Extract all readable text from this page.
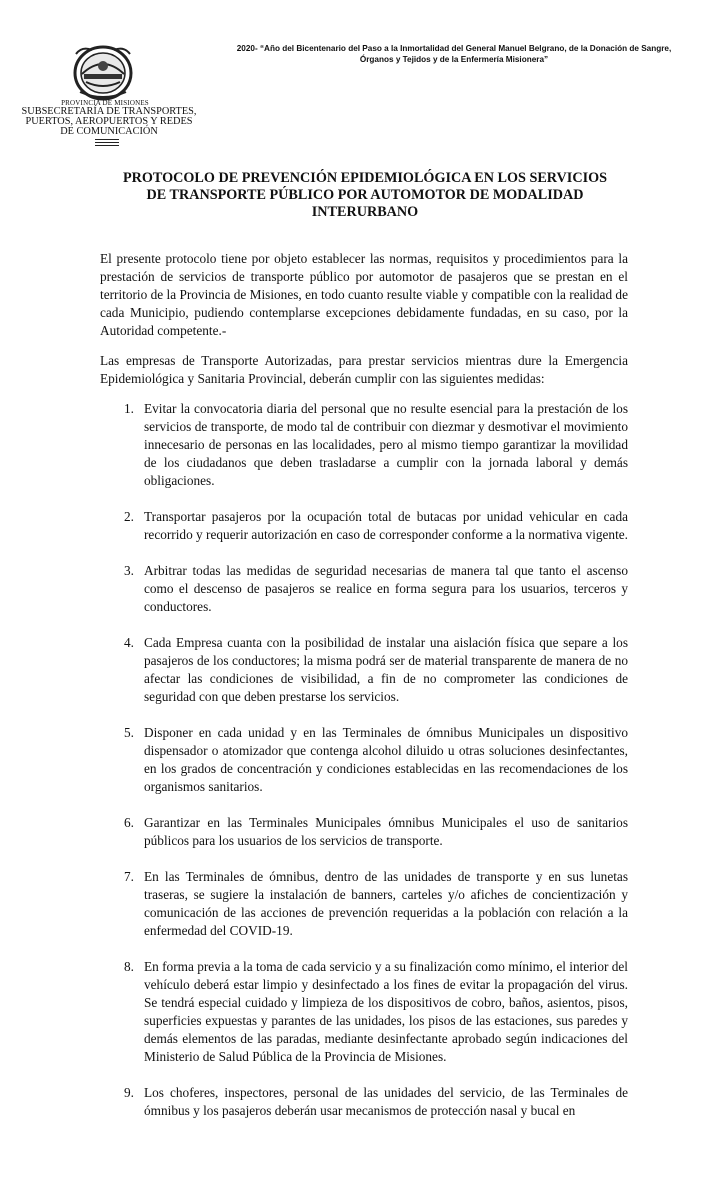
PROVINCIA DE MISIONES
SUBSECRETARÍA DE TRANSPORTES, PUERTOS, AEROPUERTOS Y REDES DE COMUNICACIÓN
2020- “Año del Bicentenario del Paso a la Inmortalidad del General Manuel Belgrano, de la Donación de Sangre, Órganos y Tejidos y de la Enfermería Misionera”
PROTOCOLO DE PREVENCIÓN EPIDEMIOLÓGICA EN LOS SERVICIOS DE TRANSPORTE PÚBLICO POR AUTOMOTOR DE MODALIDAD INTERURBANO

El presente protocolo tiene por objeto establecer las normas, requisitos y procedimientos para la prestación de servicios de transporte público por automotor de pasajeros que se prestan en el territorio de la Provincia de Misiones, en todo cuanto resulte viable y compatible con la realidad de cada Municipio, pudiendo contemplarse excepciones debidamente fundadas, en su caso, por la Autoridad competente.-

Las empresas de Transporte Autorizadas, para prestar servicios mientras dure la Emergencia Epidemiológica y Sanitaria Provincial, deberán cumplir con las siguientes medidas:

1. Evitar la convocatoria diaria del personal que no resulte esencial para la prestación de los servicios de transporte, de modo tal de contribuir con diezmar y desmotivar el movimiento innecesario de personas en las localidades, pero al mismo tiempo garantizar la movilidad de los ciudadanos que deben trasladarse a cumplir con la jornada laboral y demás obligaciones.
2. Transportar pasajeros por la ocupación total de butacas por unidad vehicular en cada recorrido y requerir autorización en caso de corresponder conforme a la normativa vigente.
3. Arbitrar todas las medidas de seguridad necesarias de manera tal que tanto el ascenso como el descenso de pasajeros se realice en forma segura para los usuarios, terceros y conductores.
4. Cada Empresa cuanta con la posibilidad de instalar una aislación física que separe a los pasajeros de los conductores; la misma podrá ser de material transparente de manera de no afectar las condiciones de visibilidad, a fin de no comprometer las condiciones de seguridad con que deben prestarse los servicios.
5. Disponer en cada unidad y en las Terminales de ómnibus Municipales un dispositivo dispensador o atomizador que contenga alcohol diluido u otras soluciones desinfectantes, en los grados de concentración y condiciones establecidas en las recomendaciones de los organismos sanitarios.
6. Garantizar en las Terminales Municipales ómnibus Municipales el uso de sanitarios públicos para los usuarios de los servicios de transporte.
7. En las Terminales de ómnibus, dentro de las unidades de transporte y en sus lunetas traseras, se sugiere la instalación de banners, carteles y/o afiches de concientización y comunicación de las acciones de prevención requeridas a la población con relación a la enfermedad del COVID-19.
8. En forma previa a la toma de cada servicio y a su finalización como mínimo, el interior del vehículo deberá estar limpio y desinfectado a los fines de evitar la propagación del virus. Se tendrá especial cuidado y limpieza de los dispositivos de cobro, baños, asientos, pisos, superficies expuestas y parantes de las unidades, los pisos de las estaciones, sus paredes y demás elementos de las paradas, mediante desinfectante aprobado según indicaciones del Ministerio de Salud Pública de la Provincia de Misiones.
9. Los choferes, inspectores, personal de las unidades del servicio, de las Terminales de ómnibus y los pasajeros deberán usar mecanismos de protección nasal y bucal en
